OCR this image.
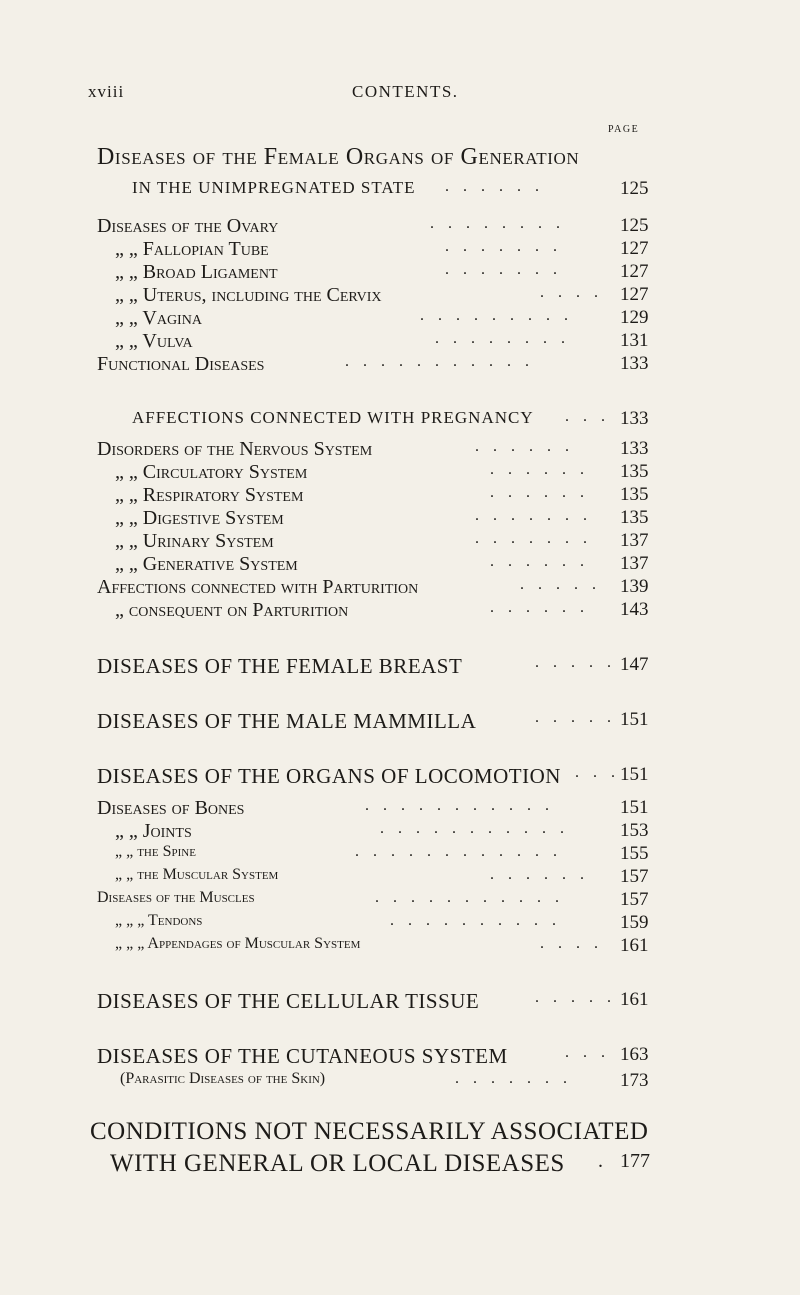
xviii	CONTENTS.
PAGE
Diseases of the Female Organs of Generation
IN THE UNIMPREGNATED STATE . . . . . .	125
Diseases of the Ovary	. . . . . . . .	125
„ „ Fallopian Tube	. . . . . . .	127
„ „ Broad Ligament	. . . . . . .	127
„ „ Uterus, including the Cervix	. . . . 127
„ „ Vagina	. . . . . . . . . 129
„ „ Vulva	. . . . . . . .	131
Functional Diseases	. . . . . . . . . . .	133
AFFECTIONS CONNECTED WITH PREGNANCY . . . 133
Disorders of the Nervous System	. . . . . . 133
„ „ Circulatory System	. . . . . . 135
„ „ Respiratory System	. . . . . . 135
„ „ Digestive System	. . . . . . . 135
„ „ Urinary System	. . . . . . . 137
„ „ Generative System	. . . . . . 137
Affections connected with Parturition	. . . . . 139
„ consequent on Parturition	. . . . . . 143
DISEASES OF THE FEMALE BREAST	. . . . . 147
DISEASES OF THE MALE MAMMILLA	. . . . . 151
DISEASES OF THE ORGANS OF LOCOMOTION . . . 151
Diseases of Bones	. . . . . . . . . . .	151
„ „ Joints	. . . . . . . . . . .	153
„ „ the Spine	. . . . . . . . . . . .	155
„ „ the Muscular System	. . . . . . 157
Diseases of the Muscles	. . . . . . . . . . .	157
„ „ „ Tendons	. . . . . . . . . .	159
„ „ „ Appendages of Muscular System	. . . . 161
DISEASES OF THE CELLULAR TISSUE	. . . . . 161
DISEASES OF THE CUTANEOUS SYSTEM	. . . 163
(Parasitic Diseases of the Skin)	. . . . . . .	173
CONDITIONS NOT NECESSARILY ASSOCIATED
WITH GENERAL OR LOCAL DISEASES . 177
